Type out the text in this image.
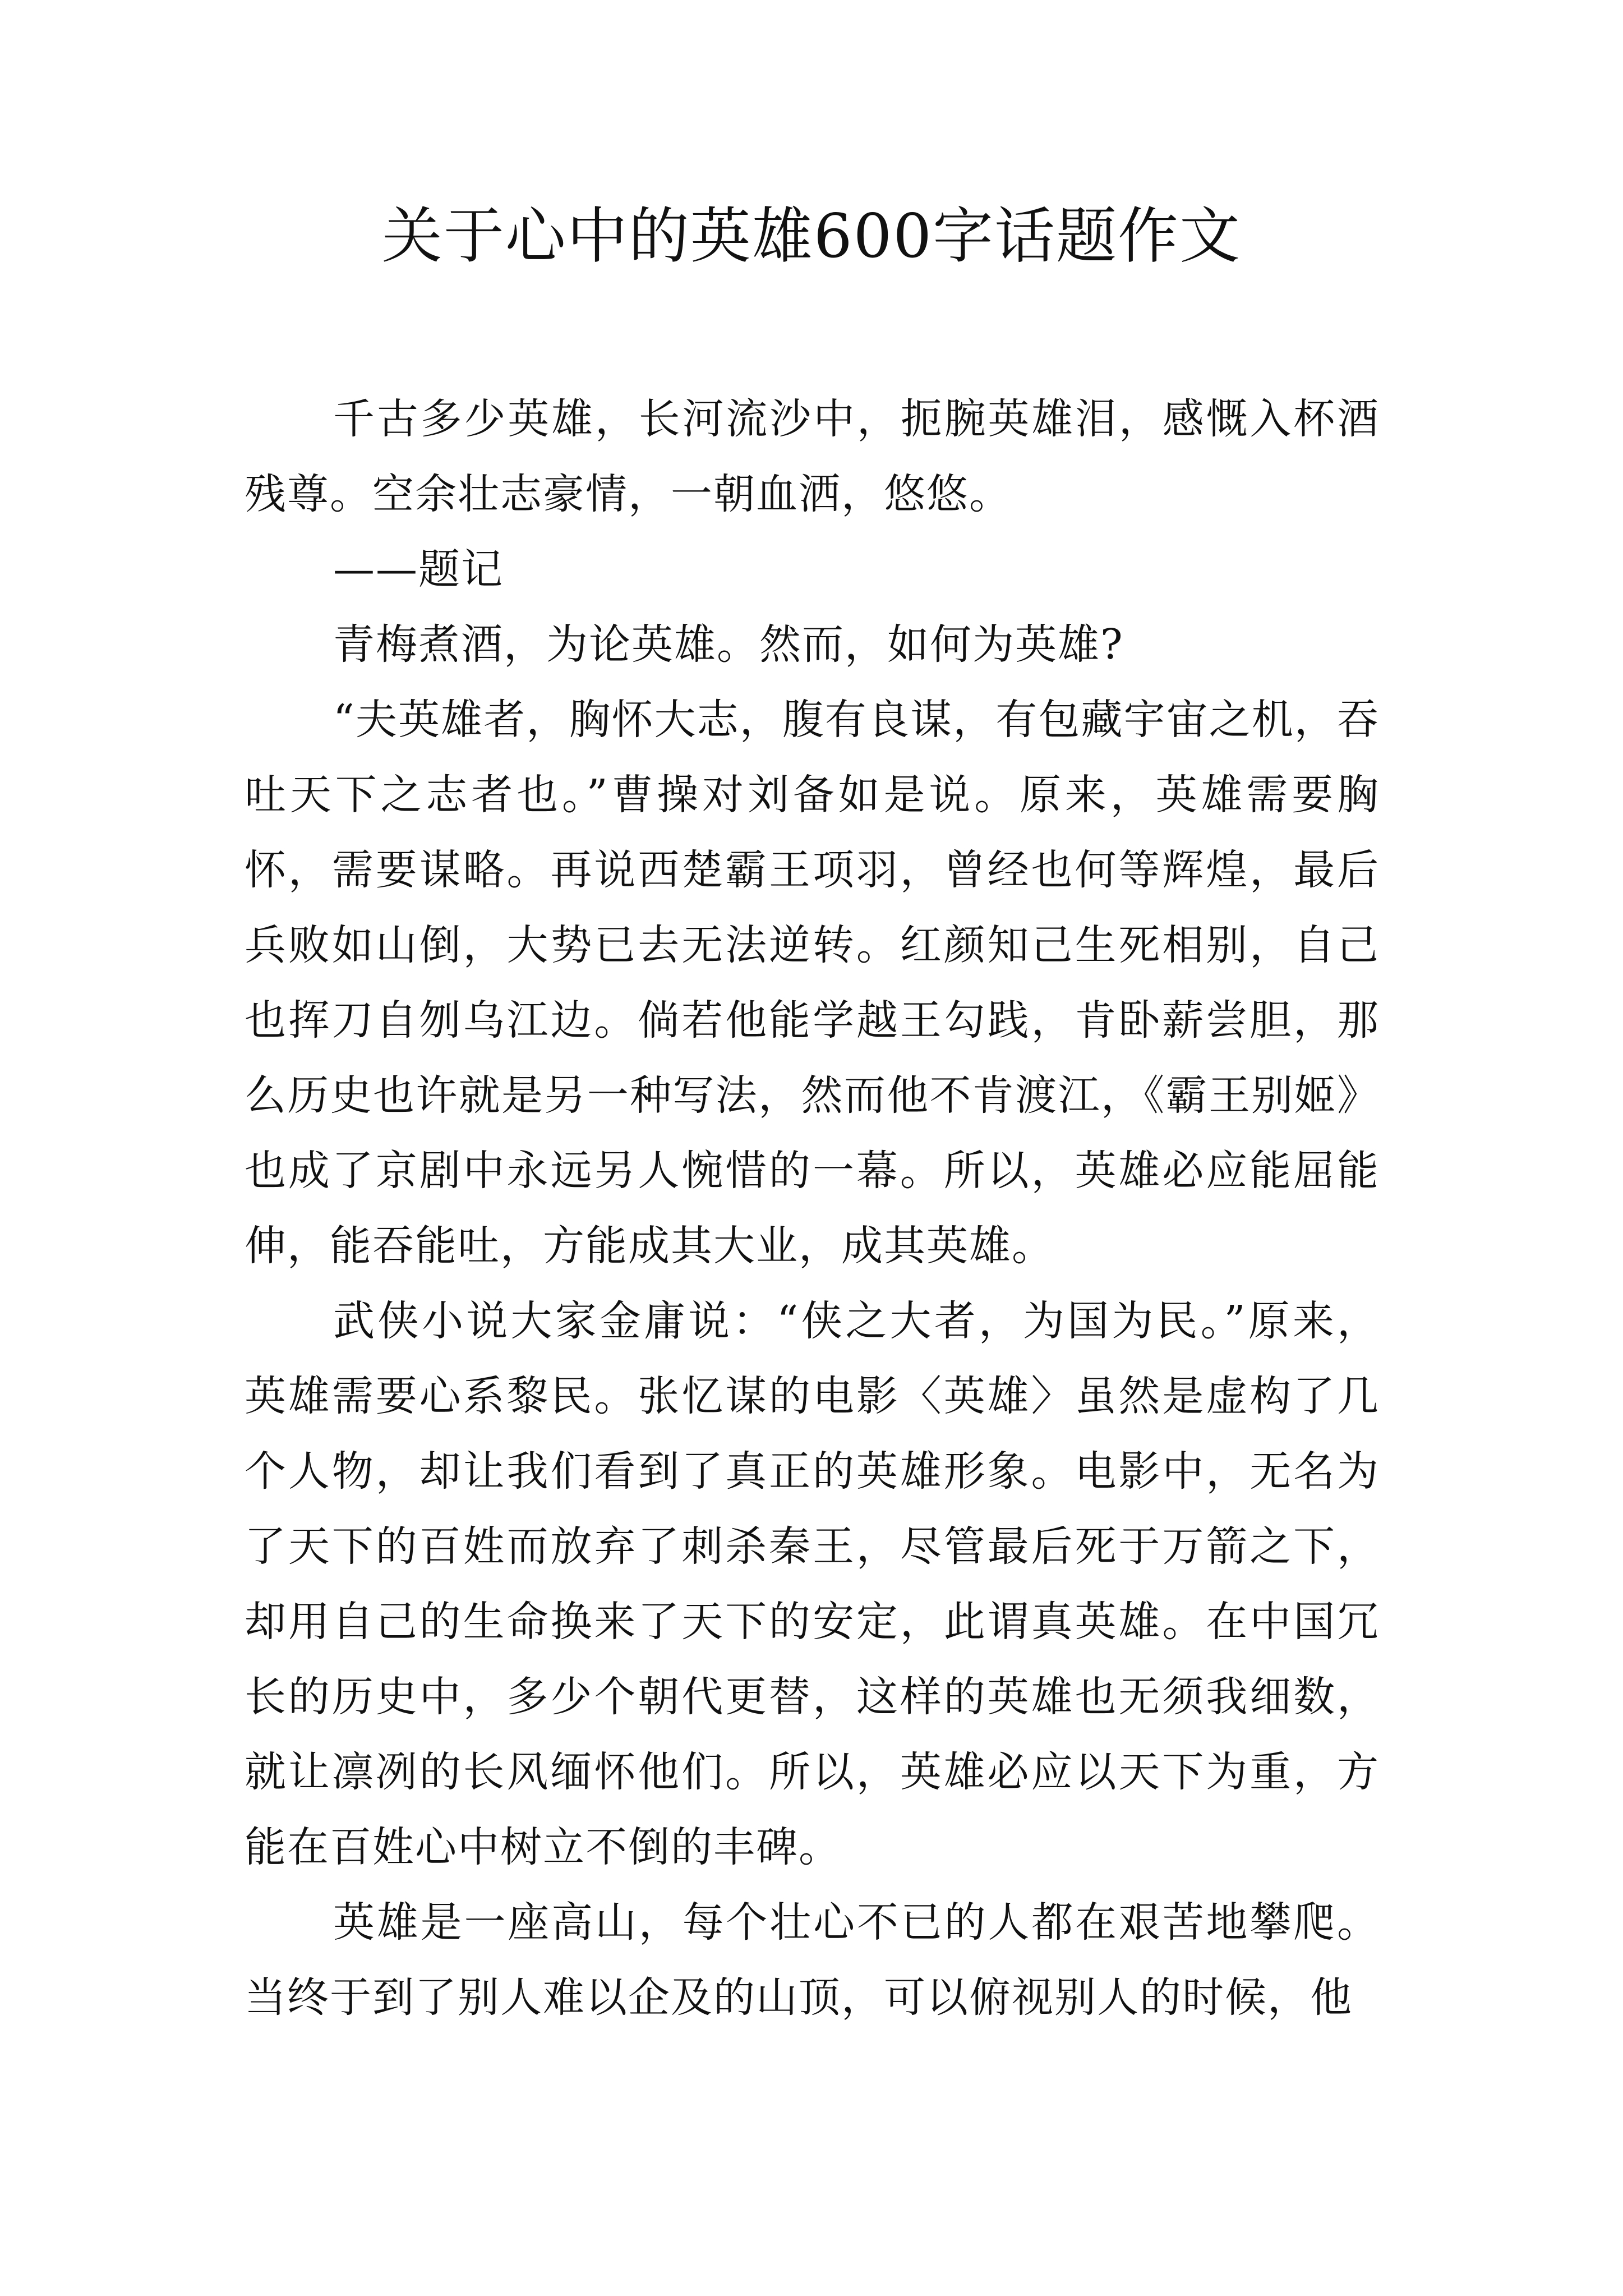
关于心中的英雄600字话题作文

千古多少英雄，长河流沙中，扼腕英雄泪，感慨入杯酒残尊。空余壮志豪情，一朝血洒，悠悠。

——题记

青梅煮酒，为论英雄。然而，如何为英雄?

“夫英雄者，胸怀大志，腹有良谋，有包藏宇宙之机，吞吐天下之志者也。”曹操对刘备如是说。原来，英雄需要胸怀，需要谋略。再说西楚霸王项羽，曾经也何等辉煌，最后兵败如山倒，大势已去无法逆转。红颜知己生死相别，自己也挥刀自刎乌江边。倘若他能学越王勾践，肯卧薪尝胆，那么历史也许就是另一种写法，然而他不肯渡江，《霸王别姬》也成了京剧中永远另人惋惜的一幕。所以，英雄必应能屈能伸，能吞能吐，方能成其大业，成其英雄。

武侠小说大家金庸说：“侠之大者，为国为民。”原来，英雄需要心系黎民。张忆谋的电影〈英雄〉虽然是虚构了几个人物，却让我们看到了真正的英雄形象。电影中，无名为了天下的百姓而放弃了刺杀秦王，尽管最后死于万箭之下，却用自己的生命换来了天下的安定，此谓真英雄。在中国冗长的历史中，多少个朝代更替，这样的英雄也无须我细数，就让凛冽的长风缅怀他们。所以，英雄必应以天下为重，方能在百姓心中树立不倒的丰碑。

英雄是一座高山，每个壮心不已的人都在艰苦地攀爬。当终于到了别人难以企及的山顶，可以俯视别人的时候，他
